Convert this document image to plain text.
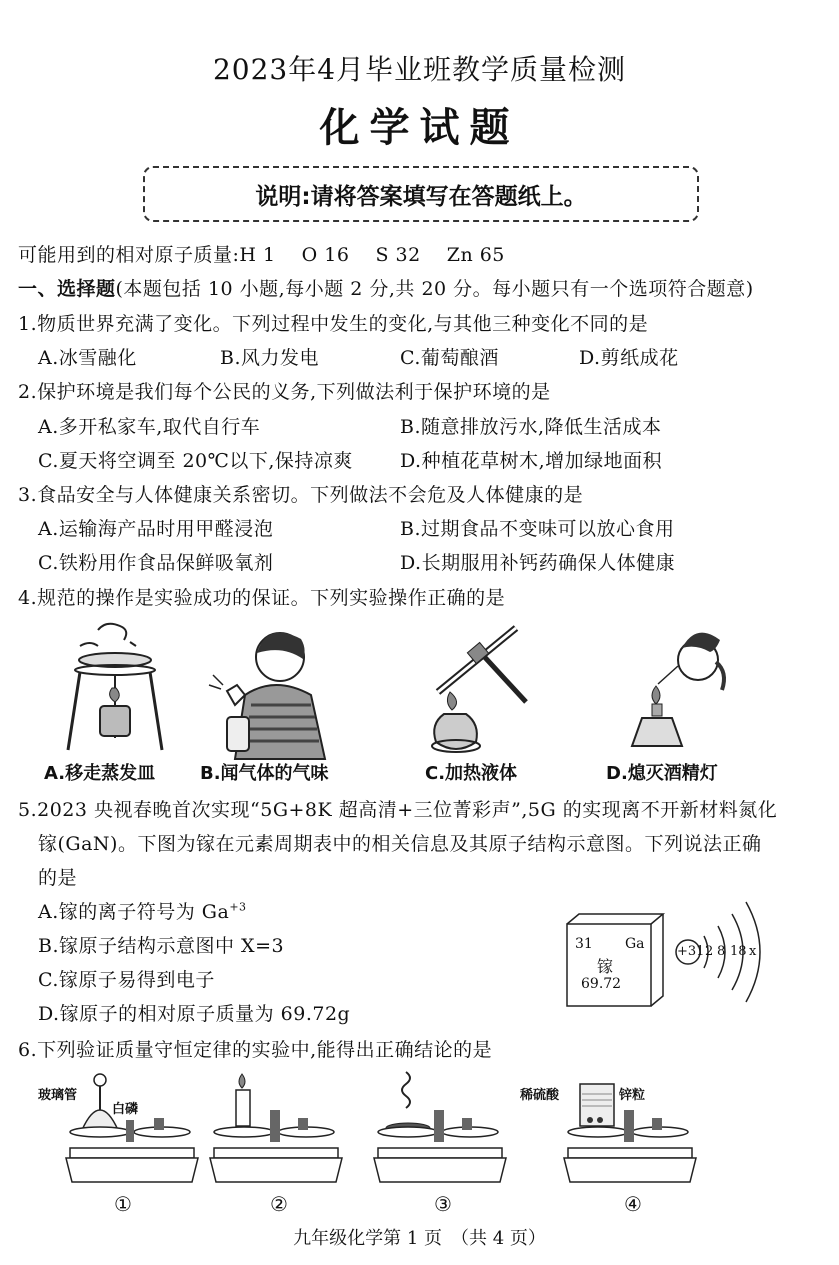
2023年4月毕业班教学质量检测
化学试题
说明:请将答案填写在答题纸上。
可能用到的相对原子质量:H 1　 O 16　 S 32　 Zn 65
一、选择题(本题包括 10 小题,每小题 2 分,共 20 分。每小题只有一个选项符合题意)
1.物质世界充满了变化。下列过程中发生的变化,与其他三种变化不同的是
A.冰雪融化	B.风力发电	C.葡萄酿酒	D.剪纸成花
2.保护环境是我们每个公民的义务,下列做法利于保护环境的是
A.多开私家车,取代自行车	B.随意排放污水,降低生活成本
C.夏天将空调至 20℃以下,保持凉爽 D.种植花草树木,增加绿地面积
3.食品安全与人体健康关系密切。下列做法不会危及人体健康的是
A.运输海产品时用甲醛浸泡	B.过期食品不变味可以放心食用
C.铁粉用作食品保鲜吸氧剂	D.长期服用补钙药确保人体健康
4.规范的操作是实验成功的保证。下列实验操作正确的是
A.移走蒸发皿 B.闻气体的气味	C.加热液体	D.熄灭酒精灯
5.2023 央视春晚首次实现“5G+8K 超高清+三位菁彩声”,5G 的实现离不开新材料氮化
镓(GaN)。下图为镓在元素周期表中的相关信息及其原子结构示意图。下列说法正确
的是
A.镓的离子符号为 $Ga^{+3}$
B.镓原子结构示意图中 X=3
C.镓原子易得到电子
D.镓原子的相对原子质量为 69.72g
31 Ga
镓
69.72
+31 2 8 18 x
6.下列验证质量守恒定律的实验中,能得出正确结论的是
玻璃管
白磷
稀硫酸	锌粒
①	②	③	④
九年级化学第 1 页　（共 4 页）
